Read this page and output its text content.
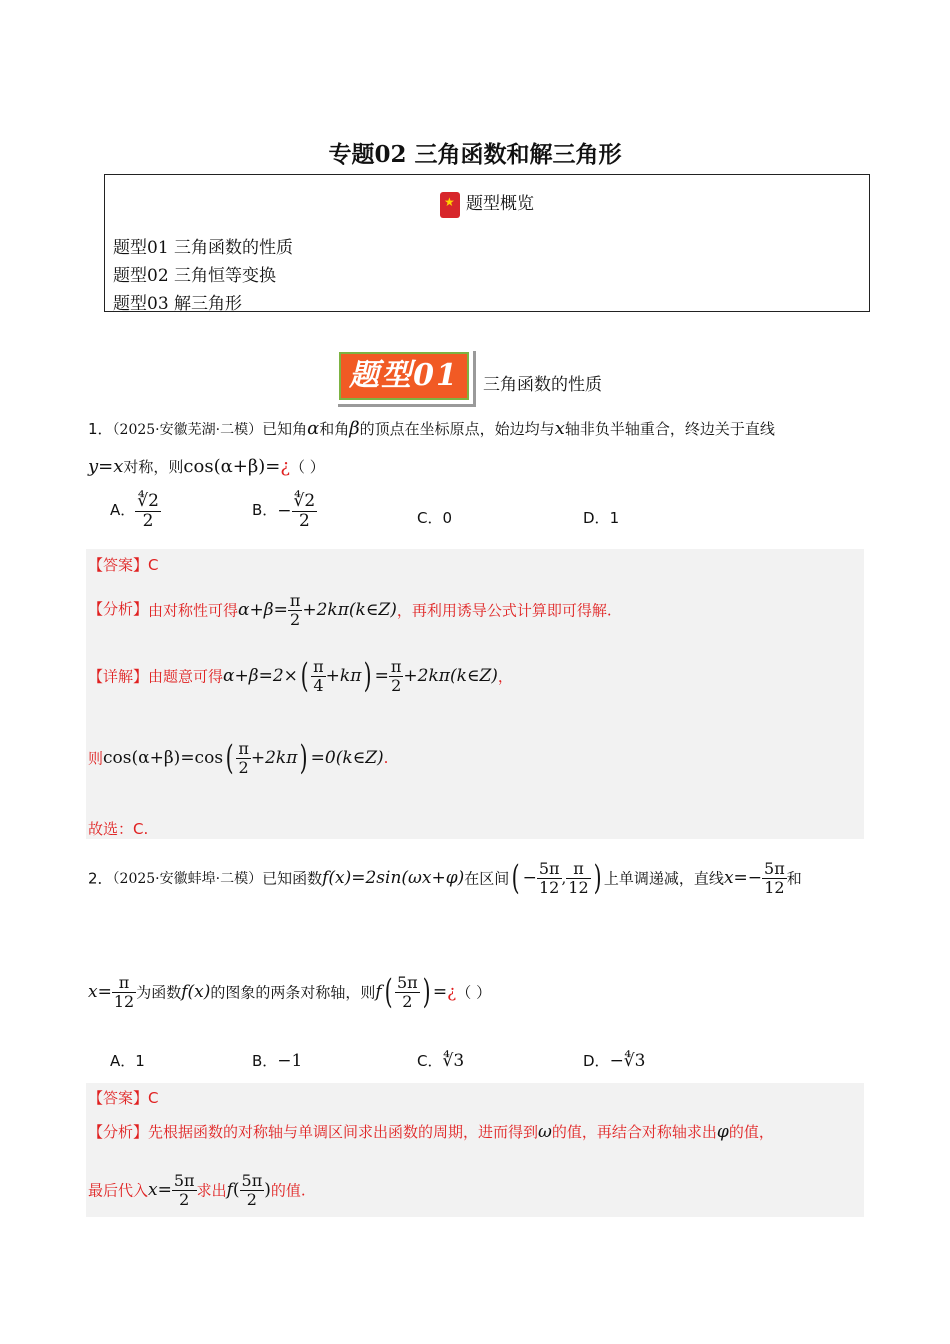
专题02 三角函数和解三角形
★题型概览
题型01 三角函数的性质
题型02 三角恒等变换
题型03 解三角形
题型01	三角函数的性质
1．（2025·安徽芜湖·二模）已知角α和角β的顶点在坐标原点，始边均与x轴非负半轴重合，终边关于直线
y=x对称，则cos(α+β)=¿（ ）
A． $\frac{∜2}{2}$	B．− $\frac{∜2}{2}$	C．0	D．1
【答案】C
【分析】由对称性可得$\alpha+\beta= \frac{\pi}{2}$ +2kπ(k∈Z)，再利用诱导公式计算即可得解.
【详解】由题意可得$\alpha+\beta=2\times( \frac{\pi}{4} +k\pi) = \frac{\pi}{2}$ +2kπ(k∈Z)，
则$\cos(\alpha+\beta)=\cos( \frac{\pi}{2} +2k\pi)$ =0(k∈Z).
故选：C.
2．（2025·安徽蚌埠·二模）已知函数f(x)=2sin(ωx+φ)在区间( − $\frac{5\pi}{12}$ , $\frac{\pi}{12}$ ) 上单调递减，直线$x=- \frac{5\pi}{12}$ 和
$x= \frac{\pi}{12}$ 为函数f(x)的图象的两条对称轴，则$f( \frac{5\pi}{2}$ ) =¿（ ）
A．1	B．−1	C．∜3	D．−∜3
【答案】C
【分析】先根据函数的对称轴与单调区间求出函数的周期，进而得到ω的值，再结合对称轴求出φ的值，
最后代入$x= \frac{5\pi}{2}$ 求出$f( \frac{5\pi}{2}$ )的值.
